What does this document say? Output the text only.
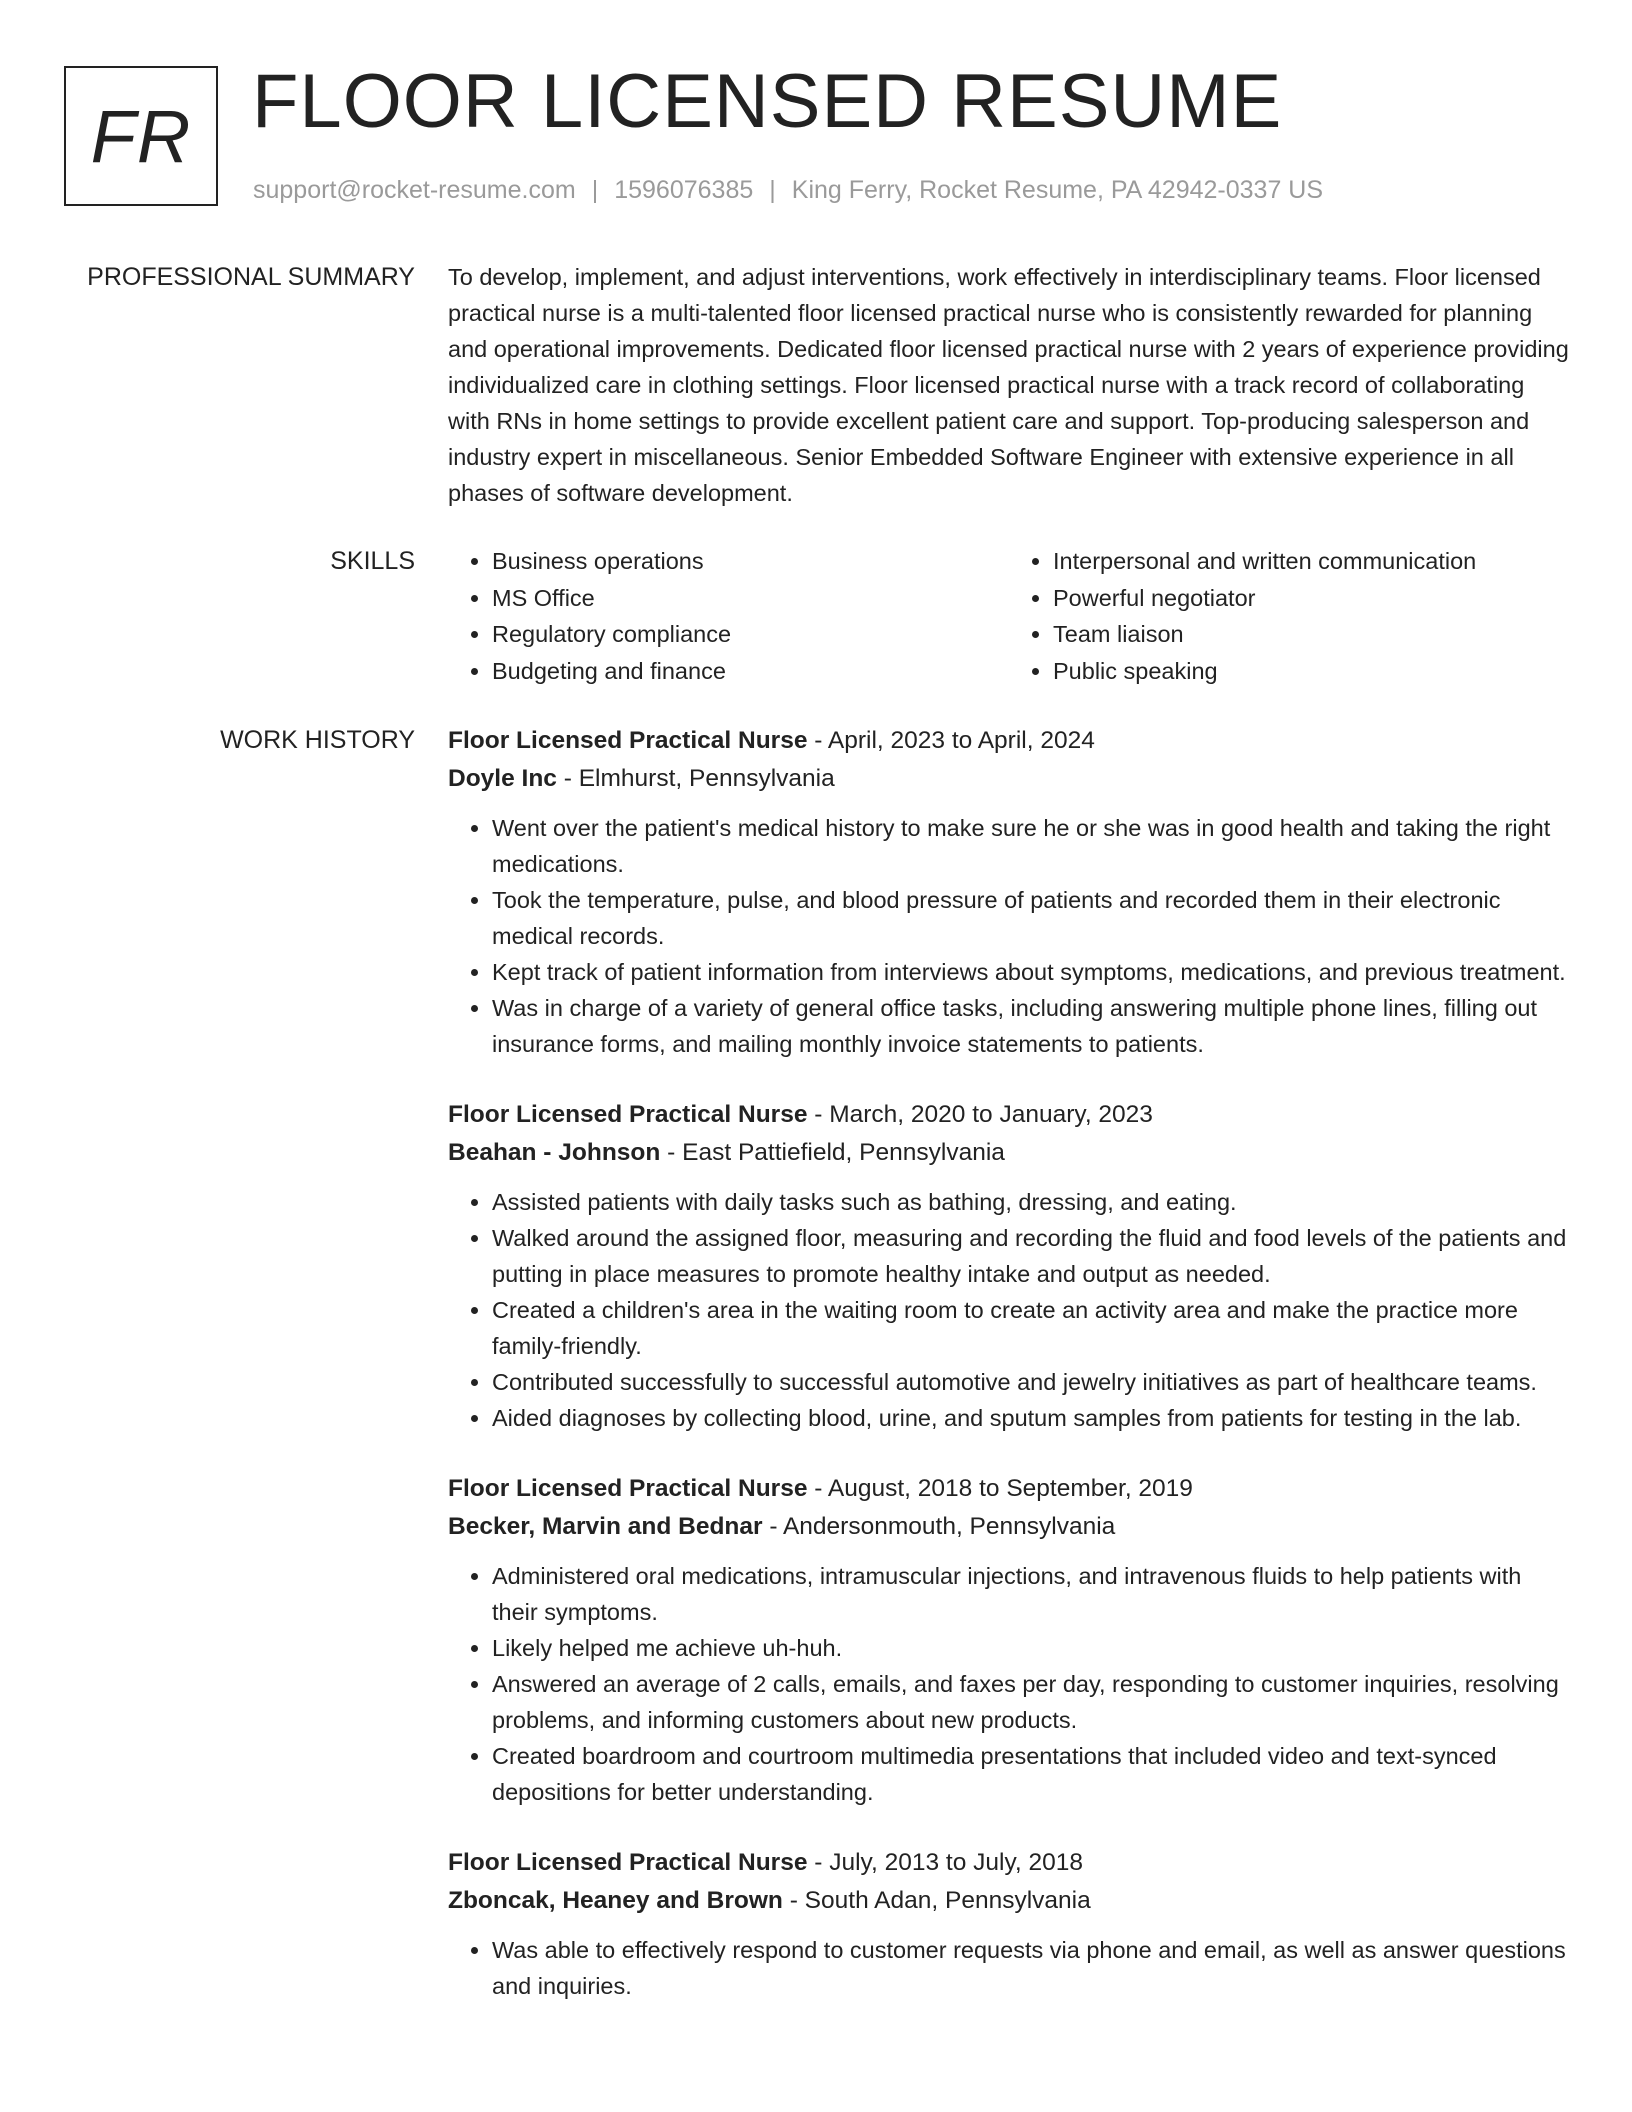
FR FLOOR LICENSED RESUME
support@rocket-resume.com | 1596076385 | King Ferry, Rocket Resume, PA 42942-0337 US
PROFESSIONAL SUMMARY To develop, implement, and adjust interventions, work effectively in interdisciplinary teams. Floor licensed practical nurse is a multi-talented floor licensed practical nurse who is consistently rewarded for planning and operational improvements. Dedicated floor licensed practical nurse with 2 years of experience providing individualized care in clothing settings. Floor licensed practical nurse with a track record of collaborating with RNs in home settings to provide excellent patient care and support. Top-producing salesperson and industry expert in miscellaneous. Senior Embedded Software Engineer with extensive experience in all phases of software development.

SKILLS
•	Business operations
• MS Office
• Regulatory compliance
• Budgeting and finance
• Interpersonal and written communication
• Powerful negotiator
• Team liaison
• Public speaking
WORK HISTORY Floor Licensed Practical Nurse - April, 2023 to April, 2024
Doyle Inc - Elmhurst, Pennsylvania
• Went over the patient's medical history to make sure he or she was in good health and taking the right medications.
• Took the temperature, pulse, and blood pressure of patients and recorded them in their electronic medical records.
• Kept track of patient information from interviews about symptoms, medications, and previous treatment.
• Was in charge of a variety of general office tasks, including answering multiple phone lines, filling out insurance forms, and mailing monthly invoice statements to patients.
Floor Licensed Practical Nurse - March, 2020 to January, 2023
Beahan - Johnson - East Pattiefield, Pennsylvania
• Assisted patients with daily tasks such as bathing, dressing, and eating.
• Walked around the assigned floor, measuring and recording the fluid and food levels of the patients and putting in place measures to promote healthy intake and output as needed.
• Created a children's area in the waiting room to create an activity area and make the practice more family-friendly.
• Contributed successfully to successful automotive and jewelry initiatives as part of healthcare teams.
• Aided diagnoses by collecting blood, urine, and sputum samples from patients for testing in the lab.
Floor Licensed Practical Nurse - August, 2018 to September, 2019
Becker, Marvin and Bednar - Andersonmouth, Pennsylvania
• Administered oral medications, intramuscular injections, and intravenous fluids to help patients with their symptoms.
• Likely helped me achieve uh-huh.
• Answered an average of 2 calls, emails, and faxes per day, responding to customer inquiries, resolving problems, and informing customers about new products.
• Created boardroom and courtroom multimedia presentations that included video and text-synced depositions for better understanding.
Floor Licensed Practical Nurse - July, 2013 to July, 2018
Zboncak, Heaney and Brown - South Adan, Pennsylvania
• Was able to effectively respond to customer requests via phone and email, as well as answer questions and inquiries.
